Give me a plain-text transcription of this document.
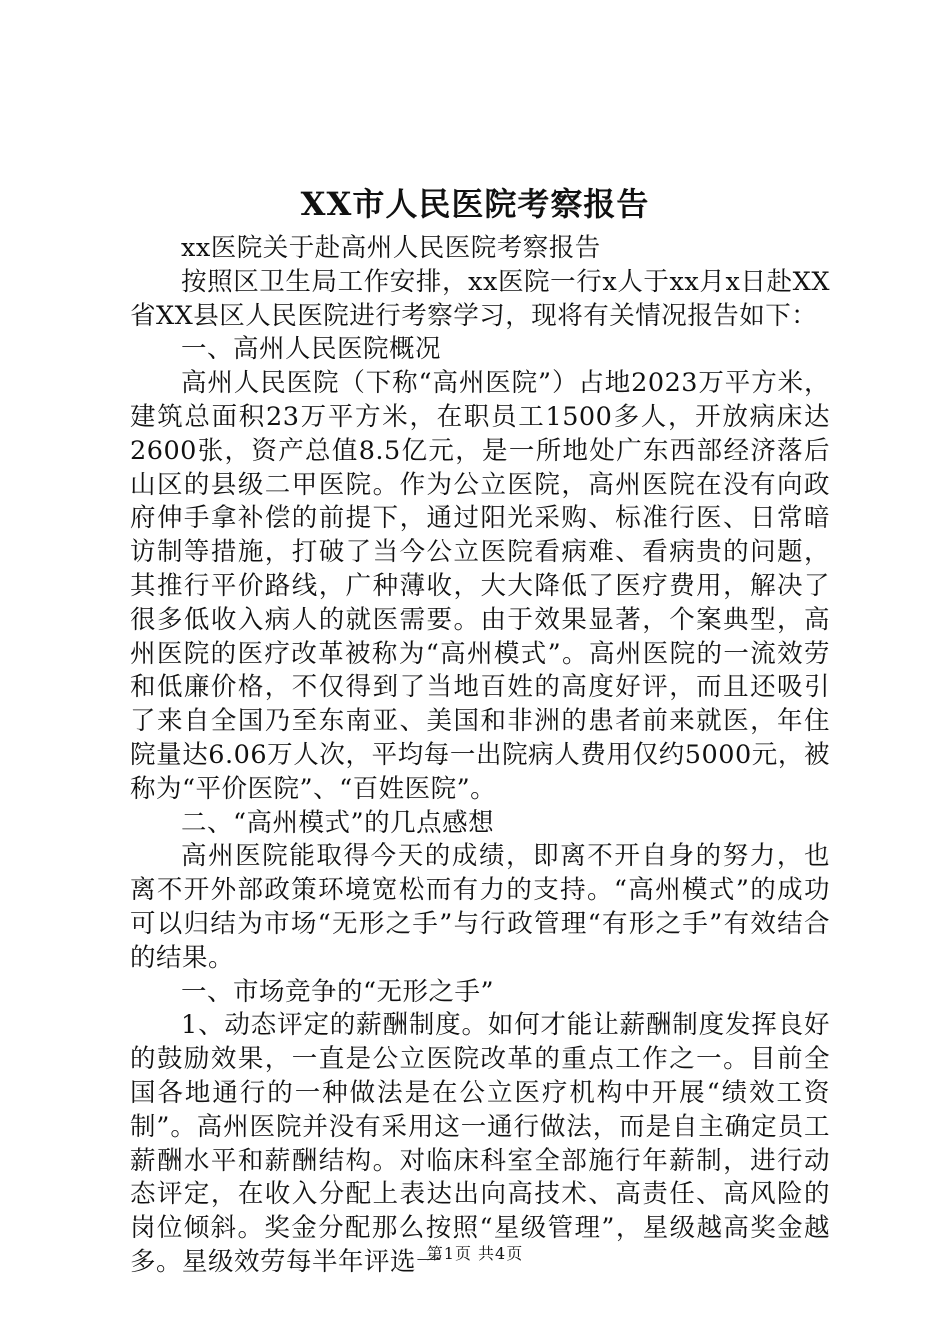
XX市人民医院考察报告

xx医院关于赴高州人民医院考察报告

按照区卫生局工作安排，xx医院一行x人于xx月x日赴XX省XX县区人民医院进行考察学习，现将有关情况报告如下：

一、高州人民医院概况

高州人民医院（下称“高州医院”）占地2023万平方米，建筑总面积23万平方米，在职员工1500多人，开放病床达2600张，资产总值8.5亿元，是一所地处广东西部经济落后山区的县级二甲医院。作为公立医院，高州医院在没有向政府伸手拿补偿的前提下，通过阳光采购、标准行医、日常暗访制等措施，打破了当今公立医院看病难、看病贵的问题，其推行平价路线，广种薄收，大大降低了医疗费用，解决了很多低收入病人的就医需要。由于效果显著，个案典型，高州医院的医疗改革被称为“高州模式”。高州医院的一流效劳和低廉价格，不仅得到了当地百姓的高度好评，而且还吸引了来自全国乃至东南亚、美国和非洲的患者前来就医，年住院量达6.06万人次，平均每一出院病人费用仅约5000元，被称为“平价医院”、“百姓医院”。

二、“高州模式”的几点感想

高州医院能取得今天的成绩，即离不开自身的努力，也离不开外部政策环境宽松而有力的支持。“高州模式”的成功可以归结为市场“无形之手”与行政管理“有形之手”有效结合的结果。

一、市场竞争的“无形之手”

1、动态评定的薪酬制度。如何才能让薪酬制度发挥良好的鼓励效果，一直是公立医院改革的重点工作之一。目前全国各地通行的一种做法是在公立医疗机构中开展“绩效工资制”。高州医院并没有采用这一通行做法，而是自主确定员工薪酬水平和薪酬结构。对临床科室全部施行年薪制，进行动态评定，在收入分配上表达出向高技术、高责任、高风险的岗位倾斜。奖金分配那么按照“星级管理”，星级越高奖金越多。星级效劳每半年评选一

第1页 共4页
